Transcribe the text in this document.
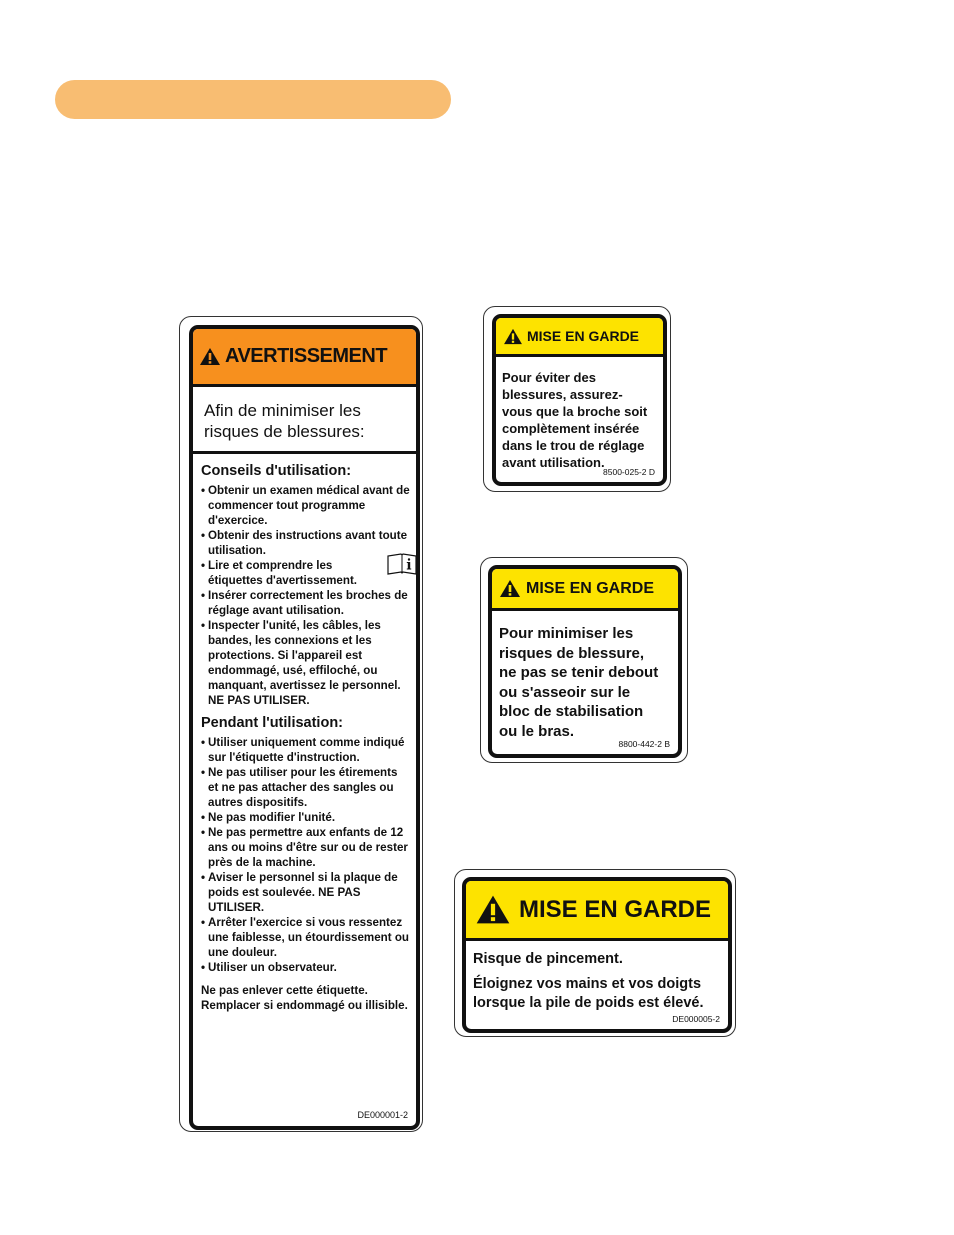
AVERTISSEMENT
Afin de minimiser les
risques de blessures:
Conseils d'utilisation:
• Obtenir un examen médical avant de commencer tout programme d'exercice.
• Obtenir des instructions avant toute utilisation.
• Lire et comprendre les étiquettes d'avertissement.
• Insérer correctement les broches de réglage avant utilisation.
• Inspecter l'unité, les câbles, les bandes, les connexions et les protections. Si l'appareil est endommagé, usé, effiloché, ou manquant, avertissez le personnel. NE PAS UTILISER.
Pendant l'utilisation:
• Utiliser uniquement comme indiqué sur l'étiquette d'instruction.
• Ne pas utiliser pour les étirements et ne pas attacher des sangles ou autres dispositifs.
• Ne pas modifier l'unité.
• Ne pas permettre aux enfants de 12 ans ou moins d'être sur ou de rester près de la machine.
• Aviser le personnel si la plaque de poids est soulevée. NE PAS UTILISER.
• Arrêter l'exercice si vous ressentez une faiblesse, un étourdissement ou une douleur.
• Utiliser un observateur.
Ne pas enlever cette étiquette. Remplacer si endommagé ou illisible.
DE000001-2
MISE EN GARDE
Pour éviter des
blessures, assurez-
vous que la broche soit
complètement insérée
dans le trou de réglage
avant utilisation.
8500-025-2 D
MISE EN GARDE
Pour minimiser les
risques de blessure,
ne pas se tenir debout
ou s'asseoir sur le
bloc de stabilisation
ou le bras.
8800-442-2 B
MISE EN GARDE

Risque de pincement.

Éloignez vos mains et vos doigts
lorsque la pile de poids est élevé.
DE000005-2
